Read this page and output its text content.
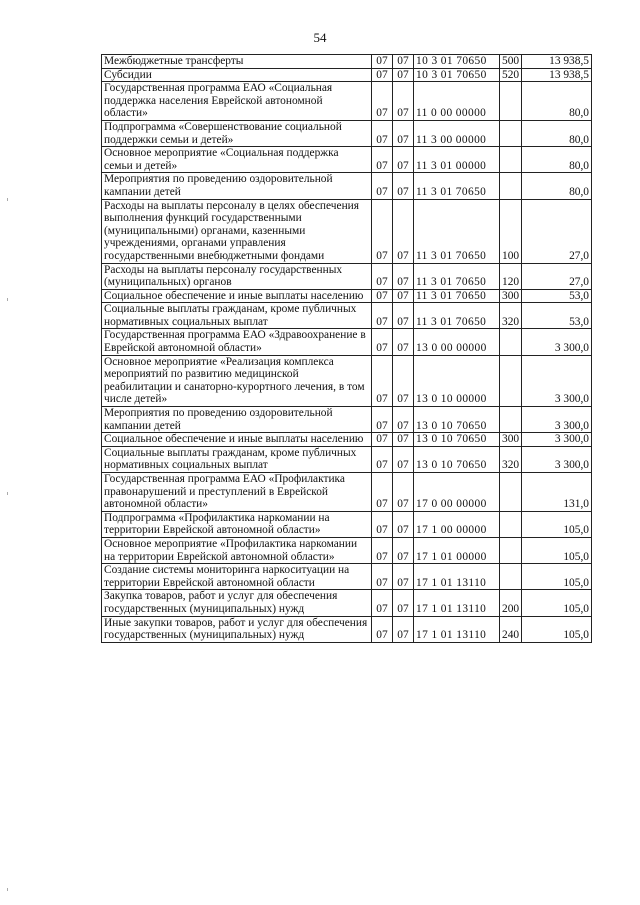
54
Межбюджетные трансферты	07	07	10 3 01 70650	500	13 938,5
Субсидии	07	07	10 3 01 70650	520	13 938,5
Государственная программа ЕАО «Социальная поддержка населения Еврейской автономной области»	07	07	11 0 00 00000		80,0
Подпрограмма «Совершенствование социальной поддержки семьи и детей»	07	07	11 3 00 00000		80,0
Основное мероприятие «Социальная поддержка семьи и детей»	07	07	11 3 01 00000		80,0
Мероприятия по проведению оздоровительной кампании детей	07	07	11 3 01 70650		80,0
Расходы на выплаты персоналу в целях обеспечения выполнения функций государственными (муниципальными) органами, казенными учреждениями, органами управления государственными внебюджетными фондами	07	07	11 3 01 70650	100	27,0
Расходы на выплаты персоналу государственных (муниципальных) органов	07	07	11 3 01 70650	120	27,0
Социальное обеспечение и иные выплаты населению	07	07	11 3 01 70650	300	53,0
Социальные выплаты гражданам, кроме публичных нормативных социальных выплат	07	07	11 3 01 70650	320	53,0
Государственная программа ЕАО «Здравоохранение в Еврейской автономной области»	07	07	13 0 00 00000		3 300,0
Основное мероприятие «Реализация комплекса мероприятий по развитию медицинской реабилитации и санаторно-курортного лечения, в том числе детей»	07	07	13 0 10 00000		3 300,0
Мероприятия по проведению оздоровительной кампании детей	07	07	13 0 10 70650		3 300,0
Социальное обеспечение и иные выплаты населению	07	07	13 0 10 70650	300	3 300,0
Социальные выплаты гражданам, кроме публичных нормативных социальных выплат	07	07	13 0 10 70650	320	3 300,0
Государственная программа ЕАО «Профилактика правонарушений и преступлений в Еврейской автономной области»	07	07	17 0 00 00000		131,0
Подпрограмма «Профилактика наркомании на территории Еврейской автономной области»	07	07	17 1 00 00000		105,0
Основное мероприятие «Профилактика наркомании на территории Еврейской автономной области»	07	07	17 1 01 00000		105,0
Создание системы мониторинга наркоситуации на территории Еврейской автономной области	07	07	17 1 01 13110		105,0
Закупка товаров, работ и услуг для обеспечения государственных (муниципальных) нужд	07	07	17 1 01 13110	200	105,0
Иные закупки товаров, работ и услуг для обеспечения государственных (муниципальных) нужд	07	07	17 1 01 13110	240	105,0
